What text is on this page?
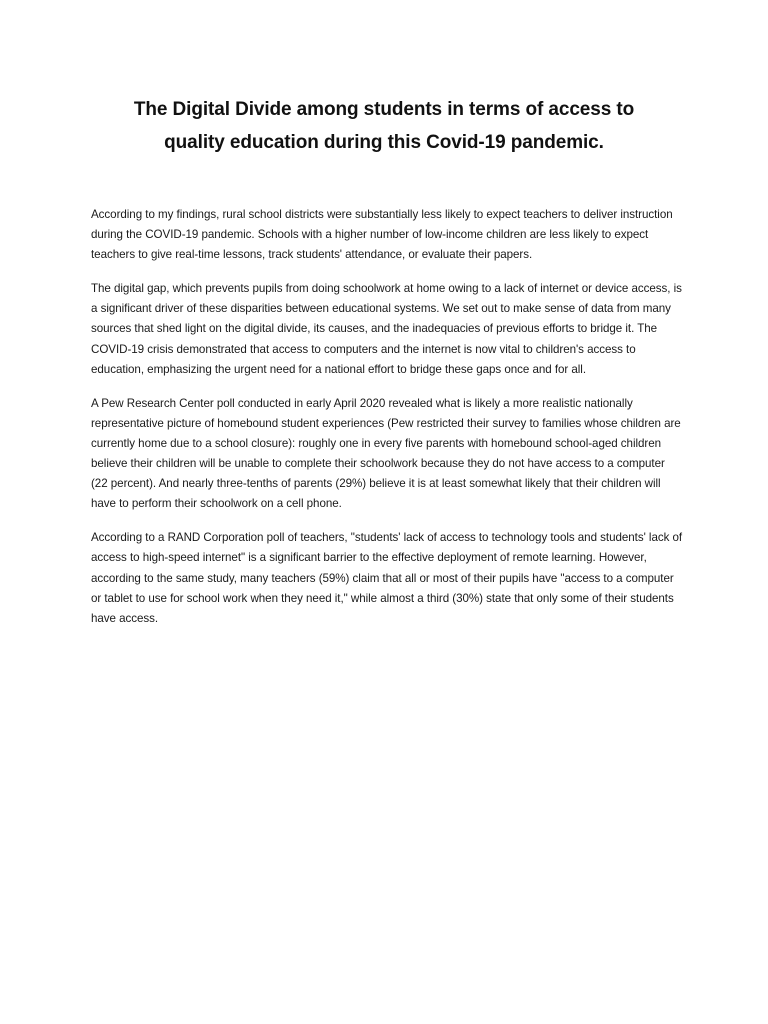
The Digital Divide among students in terms of access to
quality education during this Covid-19 pandemic.

According to my findings, rural school districts were substantially less likely to expect teachers to deliver instruction during the COVID-19 pandemic. Schools with a higher number of low-income children are less likely to expect teachers to give real-time lessons, track students' attendance, or evaluate their papers.

The digital gap, which prevents pupils from doing schoolwork at home owing to a lack of internet or device access, is a significant driver of these disparities between educational systems. We set out to make sense of data from many sources that shed light on the digital divide, its causes, and the inadequacies of previous efforts to bridge it. The COVID-19 crisis demonstrated that access to computers and the internet is now vital to children's access to education, emphasizing the urgent need for a national effort to bridge these gaps once and for all.

A Pew Research Center poll conducted in early April 2020 revealed what is likely a more realistic nationally representative picture of homebound student experiences (Pew restricted their survey to families whose children are currently home due to a school closure): roughly one in every five parents with homebound school-aged children believe their children will be unable to complete their schoolwork because they do not have access to a computer (22 percent). And nearly three-tenths of parents (29%) believe it is at least somewhat likely that their children will have to perform their schoolwork on a cell phone.

According to a RAND Corporation poll of teachers, "students' lack of access to technology tools and students' lack of access to high-speed internet" is a significant barrier to the effective deployment of remote learning. However, according to the same study, many teachers (59%) claim that all or most of their pupils have "access to a computer or tablet to use for school work when they need it," while almost a third (30%) state that only some of their students have access.
